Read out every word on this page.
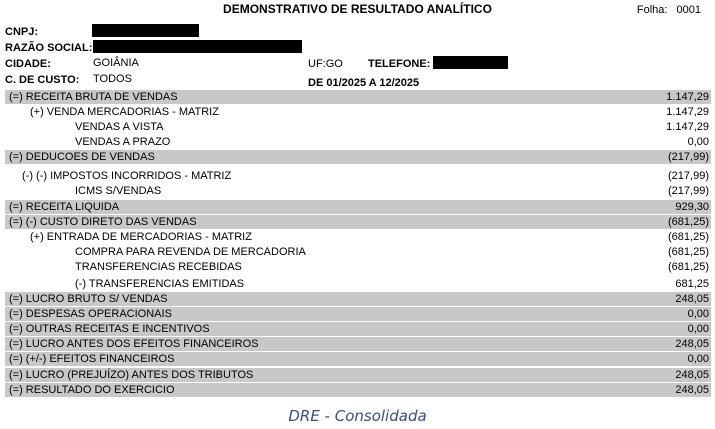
DEMONSTRATIVO DE RESULTADO ANALÍTICO	Folha: 0001
CNPJ:
RAZÃO SOCIAL:
CIDADE:	GOIÂNIA	UF:GO TELEFONE:
C. DE CUSTO: TODOS	DE 01/2025 A 12/2025
(=) RECEITA BRUTA DE VENDAS	1.147,29
(+) VENDA MERCADORIAS - MATRIZ	1.147,29
VENDAS A VISTA	1.147,29
VENDAS A PRAZO	0,00
(=) DEDUCOES DE VENDAS	(217,99)
(-) (-) IMPOSTOS INCORRIDOS - MATRIZ	(217,99)
ICMS S/VENDAS	(217,99)
(=) RECEITA LIQUIDA	929,30
(=) (-) CUSTO DIRETO DAS VENDAS	(681,25)
(+) ENTRADA DE MERCADORIAS - MATRIZ	(681,25)
COMPRA PARA REVENDA DE MERCADORIA	(681,25)
TRANSFERENCIAS RECEBIDAS	(681,25)
(-) TRANSFERENCIAS EMITIDAS	681,25
(=) LUCRO BRUTO S/ VENDAS	248,05
(=) DESPESAS OPERACIONAIS	0,00
(=) OUTRAS RECEITAS E INCENTIVOS	0,00
(=) LUCRO ANTES DOS EFEITOS FINANCEIROS	248,05
(=) (+/-) EFEITOS FINANCEIROS	0,00
(=) LUCRO (PREJUÍZO) ANTES DOS TRIBUTOS	248,05
(=) RESULTADO DO EXERCICIO	248,05
DRE - Consolidada
